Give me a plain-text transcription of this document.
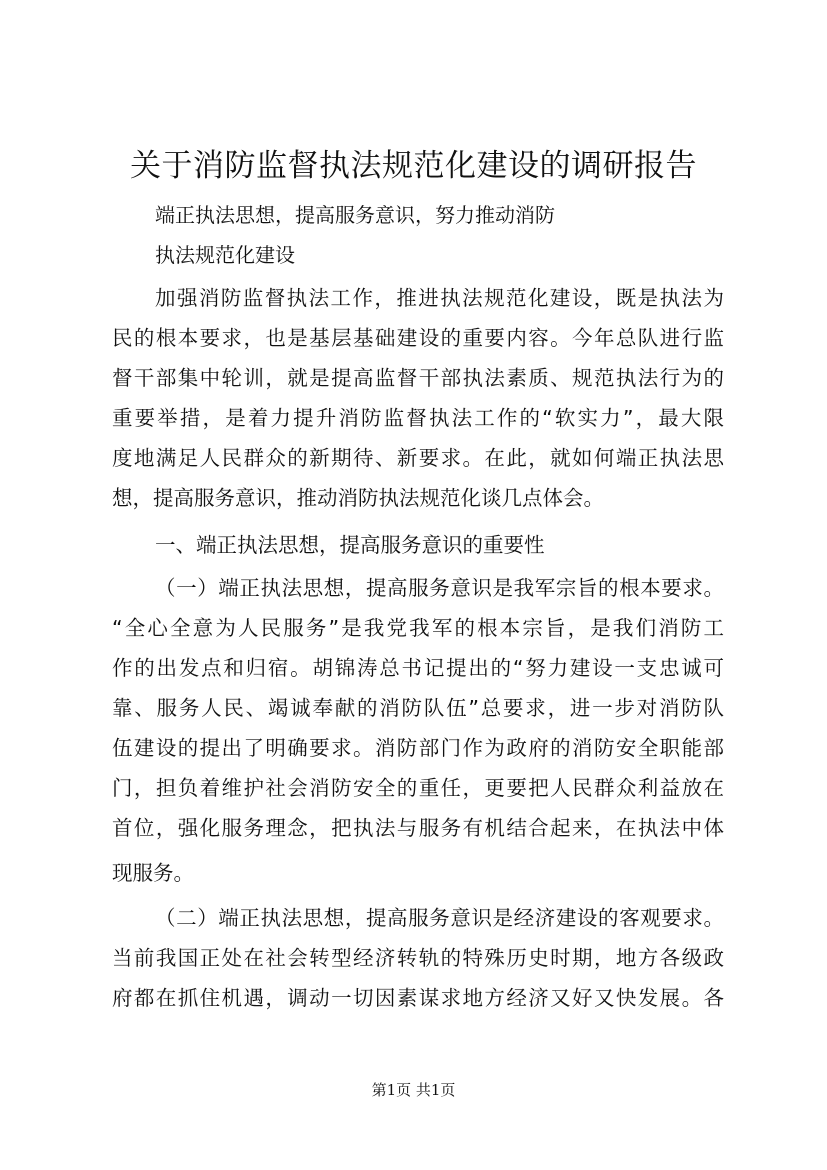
关于消防监督执法规范化建设的调研报告
端正执法思想，提高服务意识，努力推动消防
执法规范化建设
加强消防监督执法工作，推进执法规范化建设，既是执法为
民的根本要求，也是基层基础建设的重要内容。今年总队进行监
督干部集中轮训，就是提高监督干部执法素质、规范执法行为的
重要举措，是着力提升消防监督执法工作的“软实力”，最大限
度地满足人民群众的新期待、新要求。在此，就如何端正执法思
想，提高服务意识，推动消防执法规范化谈几点体会。
一、端正执法思想，提高服务意识的重要性
（一）端正执法思想，提高服务意识是我军宗旨的根本要求。
“全心全意为人民服务”是我党我军的根本宗旨，是我们消防工
作的出发点和归宿。胡锦涛总书记提出的“努力建设一支忠诚可
靠、服务人民、竭诚奉献的消防队伍”总要求，进一步对消防队
伍建设的提出了明确要求。消防部门作为政府的消防安全职能部
门，担负着维护社会消防安全的重任，更要把人民群众利益放在
首位，强化服务理念，把执法与服务有机结合起来，在执法中体
现服务。
（二）端正执法思想，提高服务意识是经济建设的客观要求。
当前我国正处在社会转型经济转轨的特殊历史时期，地方各级政
府都在抓住机遇，调动一切因素谋求地方经济又好又快发展。各
第1页 共1页
